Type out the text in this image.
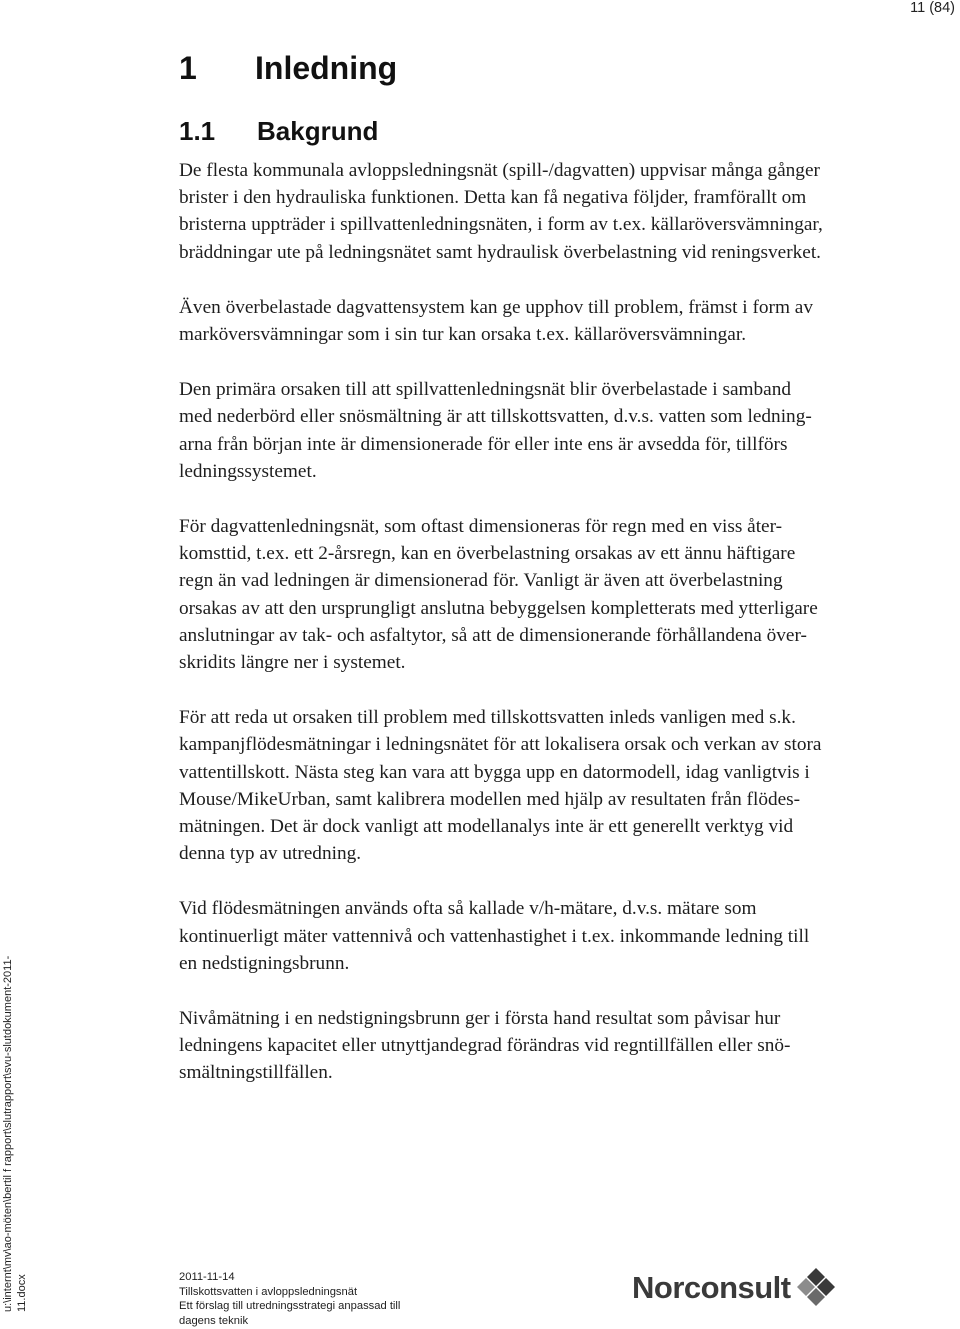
11 (84)
1 Inledning
1.1 Bakgrund
De flesta kommunala avloppsledningsnät (spill-/dagvatten) uppvisar många gånger
brister i den hydrauliska funktionen. Detta kan få negativa följder, framförallt om
bristerna uppträder i spillvattenledningsnäten, i form av t.ex. källaröversvämningar,
bräddningar ute på ledningsnätet samt hydraulisk överbelastning vid reningsverket.
Även överbelastade dagvattensystem kan ge upphov till problem, främst i form av
marköversvämningar som i sin tur kan orsaka t.ex. källaröversvämningar.
Den primära orsaken till att spillvattenledningsnät blir överbelastade i samband
med nederbörd eller snösmältning är att tillskottsvatten, d.v.s. vatten som ledning-
arna från början inte är dimensionerade för eller inte ens är avsedda för, tillförs
ledningssystemet.
För dagvattenledningsnät, som oftast dimensioneras för regn med en viss åter-
komsttid, t.ex. ett 2-årsregn, kan en överbelastning orsakas av ett ännu häftigare
regn än vad ledningen är dimensionerad för. Vanligt är även att överbelastning
orsakas av att den ursprungligt anslutna bebyggelsen kompletterats med ytterligare
anslutningar av tak- och asfaltytor, så att de dimensionerande förhållandena över-
skridits längre ner i systemet.
För att reda ut orsaken till problem med tillskottsvatten inleds vanligen med s.k.
kampanjflödesmätningar i ledningsnätet för att lokalisera orsak och verkan av stora
vattentillskott. Nästa steg kan vara att bygga upp en datormodell, idag vanligtvis i
Mouse/MikeUrban, samt kalibrera modellen med hjälp av resultaten från flödes-
mätningen. Det är dock vanligt att modellanalys inte är ett generellt verktyg vid
denna typ av utredning.
Vid flödesmätningen används ofta så kallade v/h-mätare, d.v.s. mätare som
kontinuerligt mäter vattennivå och vattenhastighet i t.ex. inkommande ledning till
en nedstigningsbrunn.
Nivåmätning i en nedstigningsbrunn ger i första hand resultat som påvisar hur
ledningens kapacitet eller utnyttjandegrad förändras vid regntillfällen eller snö-
smältningstillfällen.
u:\internt\mv\ao-möten\bertil f rapport\slutrapport\svu-slutdokument-2011- 11.docx	2011-11-14
Tillskottsvatten i avloppsledningsnät
Ett förslag till utredningsstrategi anpassad till
dagens teknik
Norconsult
